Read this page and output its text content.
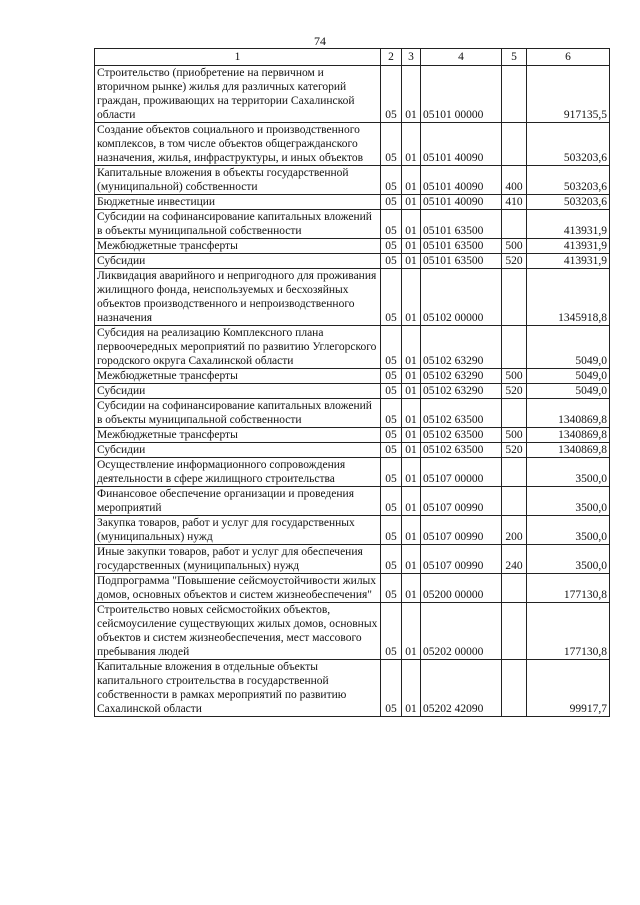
74
1	2	3	4	5	6
Строительство (приобретение на первичном и вторичном рынке) жилья для различных категорий граждан, проживающих на территории Сахалинской области	05	01	05101 00000		917135,5
Создание объектов социального и производственного комплексов, в том числе объектов общегражданского назначения, жилья, инфраструктуры, и иных объектов	05	01	05101 40090		503203,6
Капитальные вложения в объекты государственной (муниципальной) собственности	05	01	05101 40090	400	503203,6
Бюджетные инвестиции	05	01	05101 40090	410	503203,6
Субсидии на софинансирование капитальных вложений в объекты муниципальной собственности	05	01	05101 63500		413931,9
Межбюджетные трансферты	05	01	05101 63500	500	413931,9
Субсидии	05	01	05101 63500	520	413931,9
Ликвидация аварийного и непригодного для проживания жилищного фонда, неиспользуемых и бесхозяйных объектов производственного и непроизводственного назначения	05	01	05102 00000		1345918,8
Субсидия на реализацию Комплексного плана первоочередных мероприятий по развитию Углегорского городского округа Сахалинской области	05	01	05102 63290		5049,0
Межбюджетные трансферты	05	01	05102 63290	500	5049,0
Субсидии	05	01	05102 63290	520	5049,0
Субсидии на софинансирование капитальных вложений в объекты муниципальной собственности	05	01	05102 63500		1340869,8
Межбюджетные трансферты	05	01	05102 63500	500	1340869,8
Субсидии	05	01	05102 63500	520	1340869,8
Осуществление информационного сопровождения деятельности в сфере жилищного строительства	05	01	05107 00000		3500,0
Финансовое обеспечение организации и проведения мероприятий	05	01	05107 00990		3500,0
Закупка товаров, работ и услуг для государственных (муниципальных) нужд	05	01	05107 00990	200	3500,0
Иные закупки товаров, работ и услуг для обеспечения государственных (муниципальных) нужд	05	01	05107 00990	240	3500,0
Подпрограмма "Повышение сейсмоустойчивости жилых домов, основных объектов и систем жизнеобеспечения"	05	01	05200 00000		177130,8
Строительство новых сейсмостойких объектов, сейсмоусиление существующих жилых домов, основных объектов и систем жизнеобеспечения, мест массового пребывания людей	05	01	05202 00000		177130,8
Капитальные вложения в отдельные объекты капитального строительства в государственной собственности в рамках мероприятий по развитию Сахалинской области	05	01	05202 42090		99917,7
